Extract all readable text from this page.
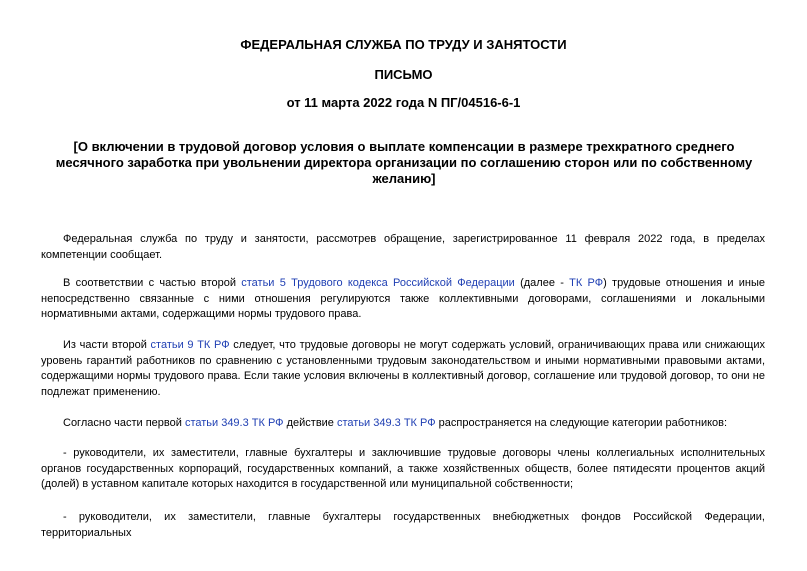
ФЕДЕРАЛЬНАЯ СЛУЖБА ПО ТРУДУ И ЗАНЯТОСТИ
ПИСЬМО
от 11 марта 2022 года N ПГ/04516-6-1
[О включении в трудовой договор условия о выплате компенсации в размере трехкратного среднего месячного заработка при увольнении директора организации по соглашению сторон или по собственному желанию]

Федеральная служба по труду и занятости, рассмотрев обращение, зарегистрированное 11 февраля 2022 года, в пределах компетенции сообщает.

В соответствии с частью второй статьи 5 Трудового кодекса Российской Федерации (далее - ТК РФ) трудовые отношения и иные непосредственно связанные с ними отношения регулируются также коллективными договорами, соглашениями и локальными нормативными актами, содержащими нормы трудового права.

Из части второй статьи 9 ТК РФ следует, что трудовые договоры не могут содержать условий, ограничивающих права или снижающих уровень гарантий работников по сравнению с установленными трудовым законодательством и иными нормативными правовыми актами, содержащими нормы трудового права. Если такие условия включены в коллективный договор, соглашение или трудовой договор, то они не подлежат применению.

Согласно части первой статьи 349.3 ТК РФ действие статьи 349.3 ТК РФ распространяется на следующие категории работников:

- руководители, их заместители, главные бухгалтеры и заключившие трудовые договоры члены коллегиальных исполнительных органов государственных корпораций, государственных компаний, а также хозяйственных обществ, более пятидесяти процентов акций (долей) в уставном капитале которых находится в государственной или муниципальной собственности;

- руководители, их заместители, главные бухгалтеры государственных внебюджетных фондов Российской Федерации, территориальных
